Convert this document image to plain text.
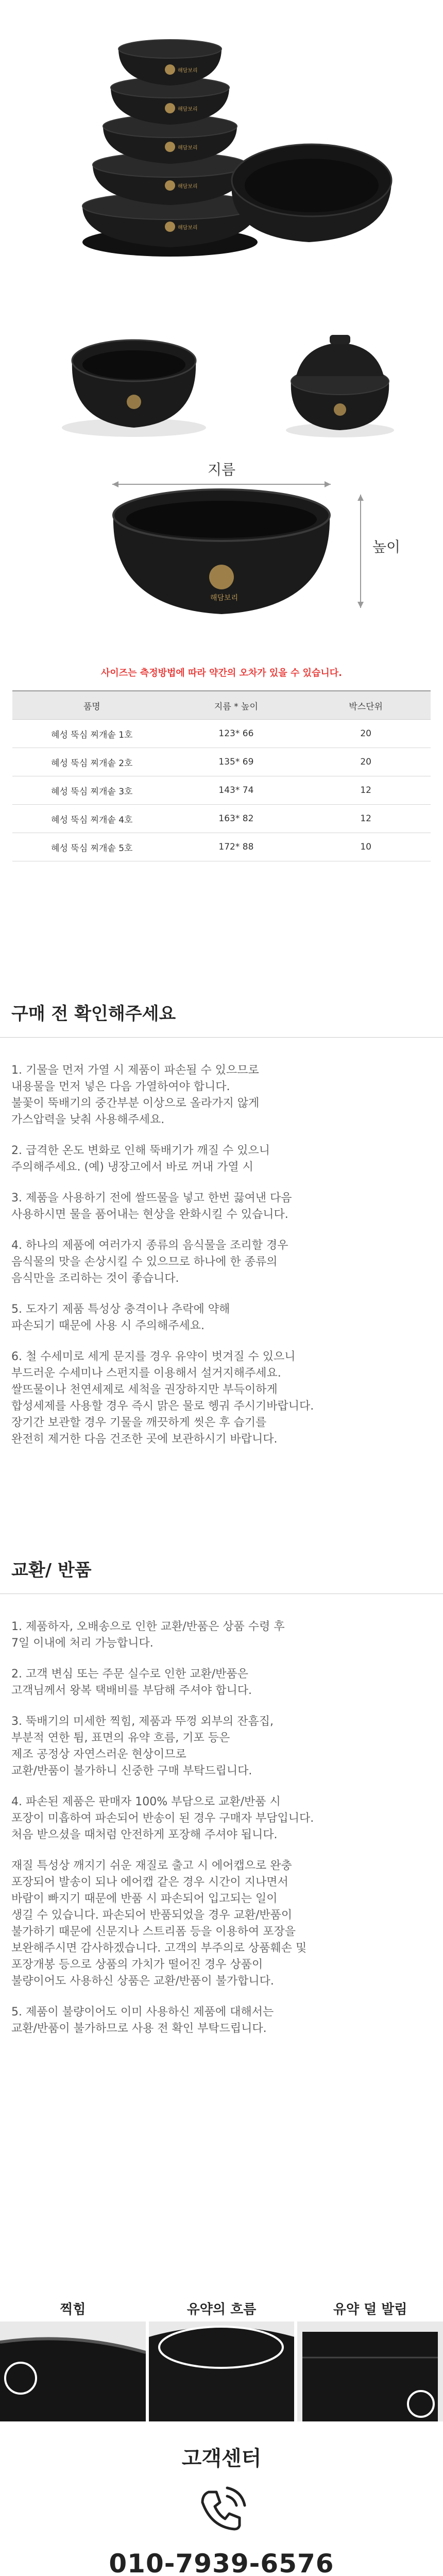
해담보리
해담보리
해담보리
해담보리
해담보리
지름
해담보리
높이
사이즈는 측정방법에 따라 약간의 오차가 있을 수 있습니다.
품명	지름 * 높이	박스단위
혜성 뚝심 찌개솥 1호	123* 66	20
혜성 뚝심 찌개솥 2호	135* 69	20
혜성 뚝심 찌개솥 3호	143* 74	12
혜성 뚝심 찌개솥 4호	163* 82	12
혜성 뚝심 찌개솥 5호	172* 88	10
구매 전 확인해주세요

1. 기물을 먼저 가열 시 제품이 파손될 수 있으므로
내용물을 먼저 넣은 다음 가열하여야 합니다.
불꽃이 뚝배기의 중간부분 이상으로 올라가지 않게
가스압력을 낮춰 사용해주세요.

2. 급격한 온도 변화로 인해 뚝배기가 깨질 수 있으니
주의해주세요. (예) 냉장고에서 바로 꺼내 가열 시

3. 제품을 사용하기 전에 쌀뜨물을 넣고 한번 끓여낸 다음
사용하시면 물을 품어내는 현상을 완화시킬 수 있습니다.

4. 하나의 제품에 여러가지 종류의 음식물을 조리할 경우
음식물의 맛을 손상시킬 수 있으므로 하나에 한 종류의
음식만을 조리하는 것이 좋습니다.

5. 도자기 제품 특성상 충격이나 추락에 약해
파손되기 때문에 사용 시 주의해주세요.

6. 철 수세미로 세게 문지를 경우 유약이 벗겨질 수 있으니
부드러운 수세미나 스펀지를 이용해서 설거지해주세요.
쌀뜨물이나 천연세제로 세척을 권장하지만 부득이하게
합성세제를 사용할 경우 즉시 맑은 물로 헹궈 주시기바랍니다.
장기간 보관할 경우 기물을 깨끗하게 씻은 후 습기를
완전히 제거한 다음 건조한 곳에 보관하시기 바랍니다.

교환/ 반품

1. 제품하자, 오배송으로 인한 교환/반품은 상품 수령 후
7일 이내에 처리 가능합니다.

2. 고객 변심 또는 주문 실수로 인한 교환/반품은
고객님께서 왕복 택배비를 부담해 주셔야 합니다.

3. 뚝배기의 미세한 찍힘, 제품과 뚜껑 외부의 잔흠집,
부분적 연한 튐, 표면의 유약 흐름, 기포 등은
제조 공정상 자연스러운 현상이므로
교환/반품이 불가하니 신중한 구매 부탁드립니다.

4. 파손된 제품은 판매자 100% 부담으로 교환/반품 시
포장이 미흡하여 파손되어 반송이 된 경우 구매자 부담입니다.
처음 받으셨을 때처럼 안전하게 포장해 주셔야 됩니다.

재질 특성상 깨지기 쉬운 재질로 출고 시 에어캡으로 완충
포장되어 발송이 되나 에어캡 같은 경우 시간이 지나면서
바람이 빠지기 때문에 반품 시 파손되어 입고되는 일이
생길 수 있습니다. 파손되어 반품되었을 경우 교환/반품이
불가하기 때문에 신문지나 스트리폼 등을 이용하여 포장을
보완해주시면 감사하겠습니다. 고객의 부주의로 상품훼손 및
포장개봉 등으로 상품의 가치가 떨어진 경우 상품이
불량이어도 사용하신 상품은 교환/반품이 불가합니다.

5. 제품이 불량이어도 이미 사용하신 제품에 대해서는
교환/반품이 불가하므로 사용 전 확인 부탁드립니다.

찍힘	유약의 흐름	유약 덜 발림
고객센터
010-7939-6576
